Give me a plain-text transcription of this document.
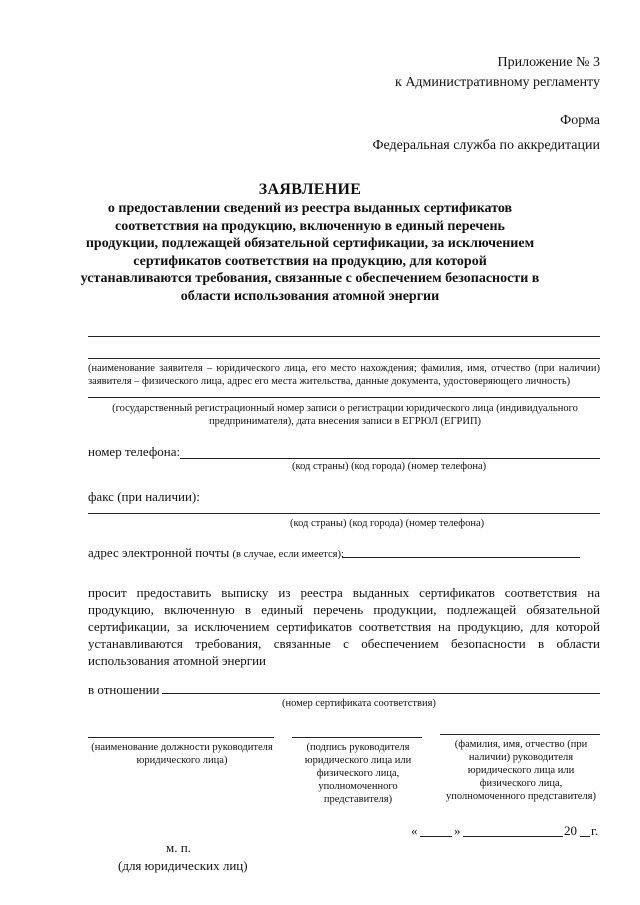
Приложение № 3
к Административному регламенту
Форма
Федеральная служба по аккредитации
ЗАЯВЛЕНИЕ
о предоставлении сведений из реестра выданных сертификатов соответствия на продукцию, включенную в единый перечень продукции, подлежащей обязательной сертификации, за исключением сертификатов соответствия на продукцию, для которой устанавливаются требования, связанные с обеспечением безопасности в области использования атомной энергии
(наименование заявителя – юридического лица, его место нахождения; фамилия, имя, отчество (при наличии) заявителя – физического лица, адрес его места жительства, данные документа, удостоверяющего личность)
(государственный регистрационный номер записи о регистрации юридического лица (индивидуального предпринимателя), дата внесения записи в ЕГРЮЛ (ЕГРИП)
номер телефона:
(код страны) (код города) (номер телефона)
факс (при наличии):
(код страны) (код города) (номер телефона)
адрес электронной почты (в случае, если имеется):
просит предоставить выписку из реестра выданных сертификатов соответствия на продукцию, включенную в единый перечень продукции, подлежащей обязательной сертификации, за исключением сертификатов соответствия на продукцию, для которой устанавливаются требования, связанные с обеспечением безопасности в области использования атомной энергии
в отношении
(номер сертификата соответствия)
(наименование должности руководителя юридического лица)
(подпись руководителя юридического лица или физического лица, уполномоченного представителя)
(фамилия, имя, отчество (при наличии) руководителя юридического лица или физического лица, уполномоченного представителя)
«	»	20 г.
м. п.
(для юридических лиц)
